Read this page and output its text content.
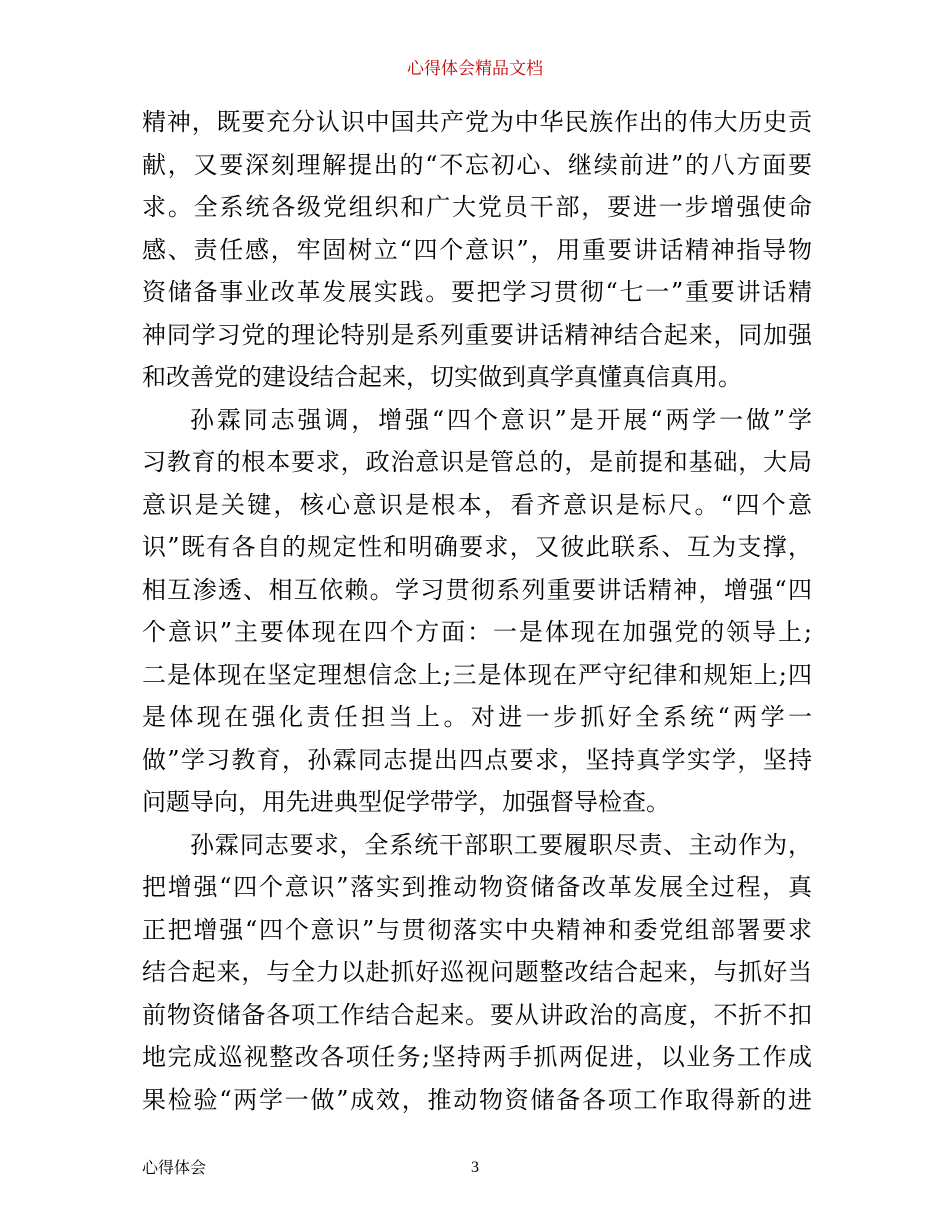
心得体会精品文档
精神，既要充分认识中国共产党为中华民族作出的伟大历史贡
献，又要深刻理解提出的“不忘初心、继续前进”的八方面要
求。全系统各级党组织和广大党员干部，要进一步增强使命
感、责任感，牢固树立“四个意识”，用重要讲话精神指导物
资储备事业改革发展实践。要把学习贯彻“七一”重要讲话精
神同学习党的理论特别是系列重要讲话精神结合起来，同加强
和改善党的建设结合起来，切实做到真学真懂真信真用。
孙霖同志强调，增强“四个意识”是开展“两学一做”学
习教育的根本要求，政治意识是管总的，是前提和基础，大局
意识是关键，核心意识是根本，看齐意识是标尺。“四个意
识”既有各自的规定性和明确要求，又彼此联系、互为支撑，
相互渗透、相互依赖。学习贯彻系列重要讲话精神，增强“四
个意识”主要体现在四个方面：一是体现在加强党的领导上;
二是体现在坚定理想信念上;三是体现在严守纪律和规矩上;四
是体现在强化责任担当上。对进一步抓好全系统“两学一
做”学习教育，孙霖同志提出四点要求，坚持真学实学，坚持
问题导向，用先进典型促学带学，加强督导检查。
孙霖同志要求，全系统干部职工要履职尽责、主动作为，
把增强“四个意识”落实到推动物资储备改革发展全过程，真
正把增强“四个意识”与贯彻落实中央精神和委党组部署要求
结合起来，与全力以赴抓好巡视问题整改结合起来，与抓好当
前物资储备各项工作结合起来。要从讲政治的高度，不折不扣
地完成巡视整改各项任务;坚持两手抓两促进，以业务工作成
果检验“两学一做”成效，推动物资储备各项工作取得新的进
心得体会	3
